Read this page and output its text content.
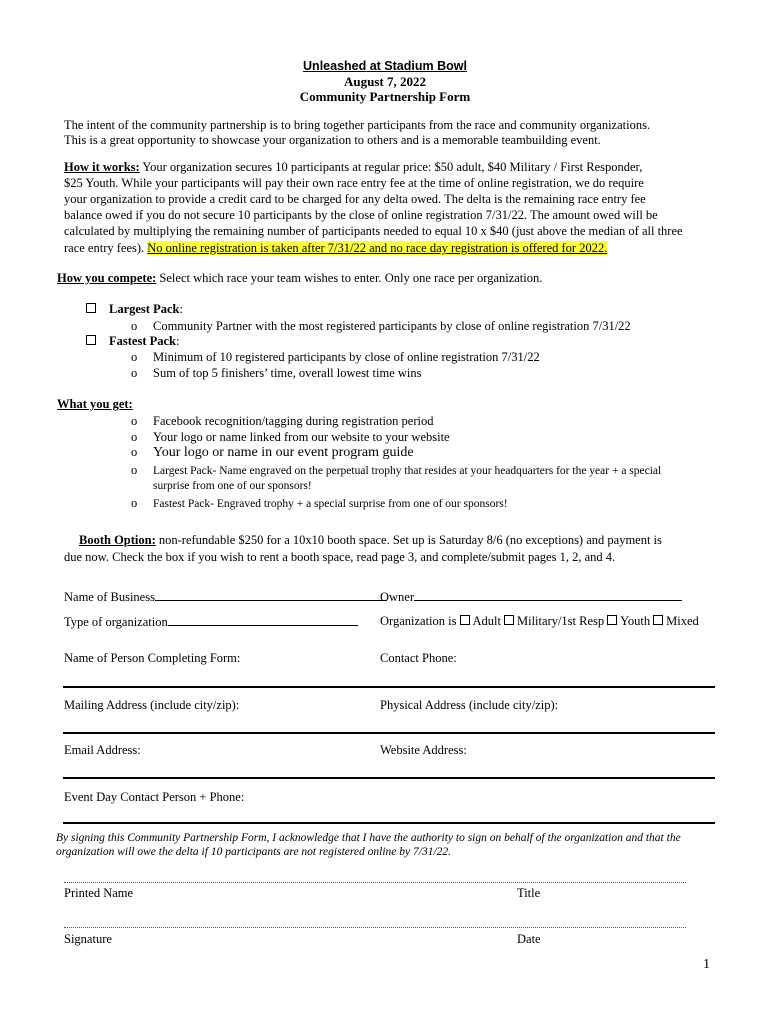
Unleashed at Stadium Bowl
August 7, 2022
Community Partnership Form
The intent of the community partnership is to bring together participants from the race and community organizations.
This is a great opportunity to showcase your organization to others and is a memorable teambuilding event.
How it works: Your organization secures 10 participants at regular price: $50 adult, $40 Military / First Responder,
$25 Youth. While your participants will pay their own race entry fee at the time of online registration, we do require
your organization to provide a credit card to be charged for any delta owed. The delta is the remaining race entry fee
balance owed if you do not secure 10 participants by the close of online registration 7/31/22. The amount owed will be
calculated by multiplying the remaining number of participants needed to equal 10 x $40 (just above the median of all three
race entry fees). No online registration is taken after 7/31/22 and no race day registration is offered for 2022.
How you compete: Select which race your team wishes to enter. Only one race per organization.
Largest Pack:
o Community Partner with the most registered participants by close of online registration 7/31/22
Fastest Pack:
o Minimum of 10 registered participants by close of online registration 7/31/22
o Sum of top 5 finishers’ time, overall lowest time wins
What you get:
o Facebook recognition/tagging during registration period
o Your logo or name linked from our website to your website
o Your logo or name in our event program guide
o Largest Pack- Name engraved on the perpetual trophy that resides at your headquarters for the year + a special
surprise from one of our sponsors!
o Fastest Pack- Engraved trophy + a special surprise from one of our sponsors!
Booth Option: non-refundable $250 for a 10x10 booth space. Set up is Saturday 8/6 (no exceptions) and payment is
due now. Check the box if you wish to rent a booth space, read page 3, and complete/submit pages 1, 2, and 4.
Name of Business	Owner
Type of organization	Organization is Adult Military/1st Resp Youth Mixed
Name of Person Completing Form:	Contact Phone:
Mailing Address (include city/zip):	Physical Address (include city/zip):
Email Address:	Website Address:
Event Day Contact Person + Phone:
By signing this Community Partnership Form, I acknowledge that I have the authority to sign on behalf of the organization and that the
organization will owe the delta if 10 participants are not registered online by 7/31/22.
Printed Name	Title
Signature	Date
1
